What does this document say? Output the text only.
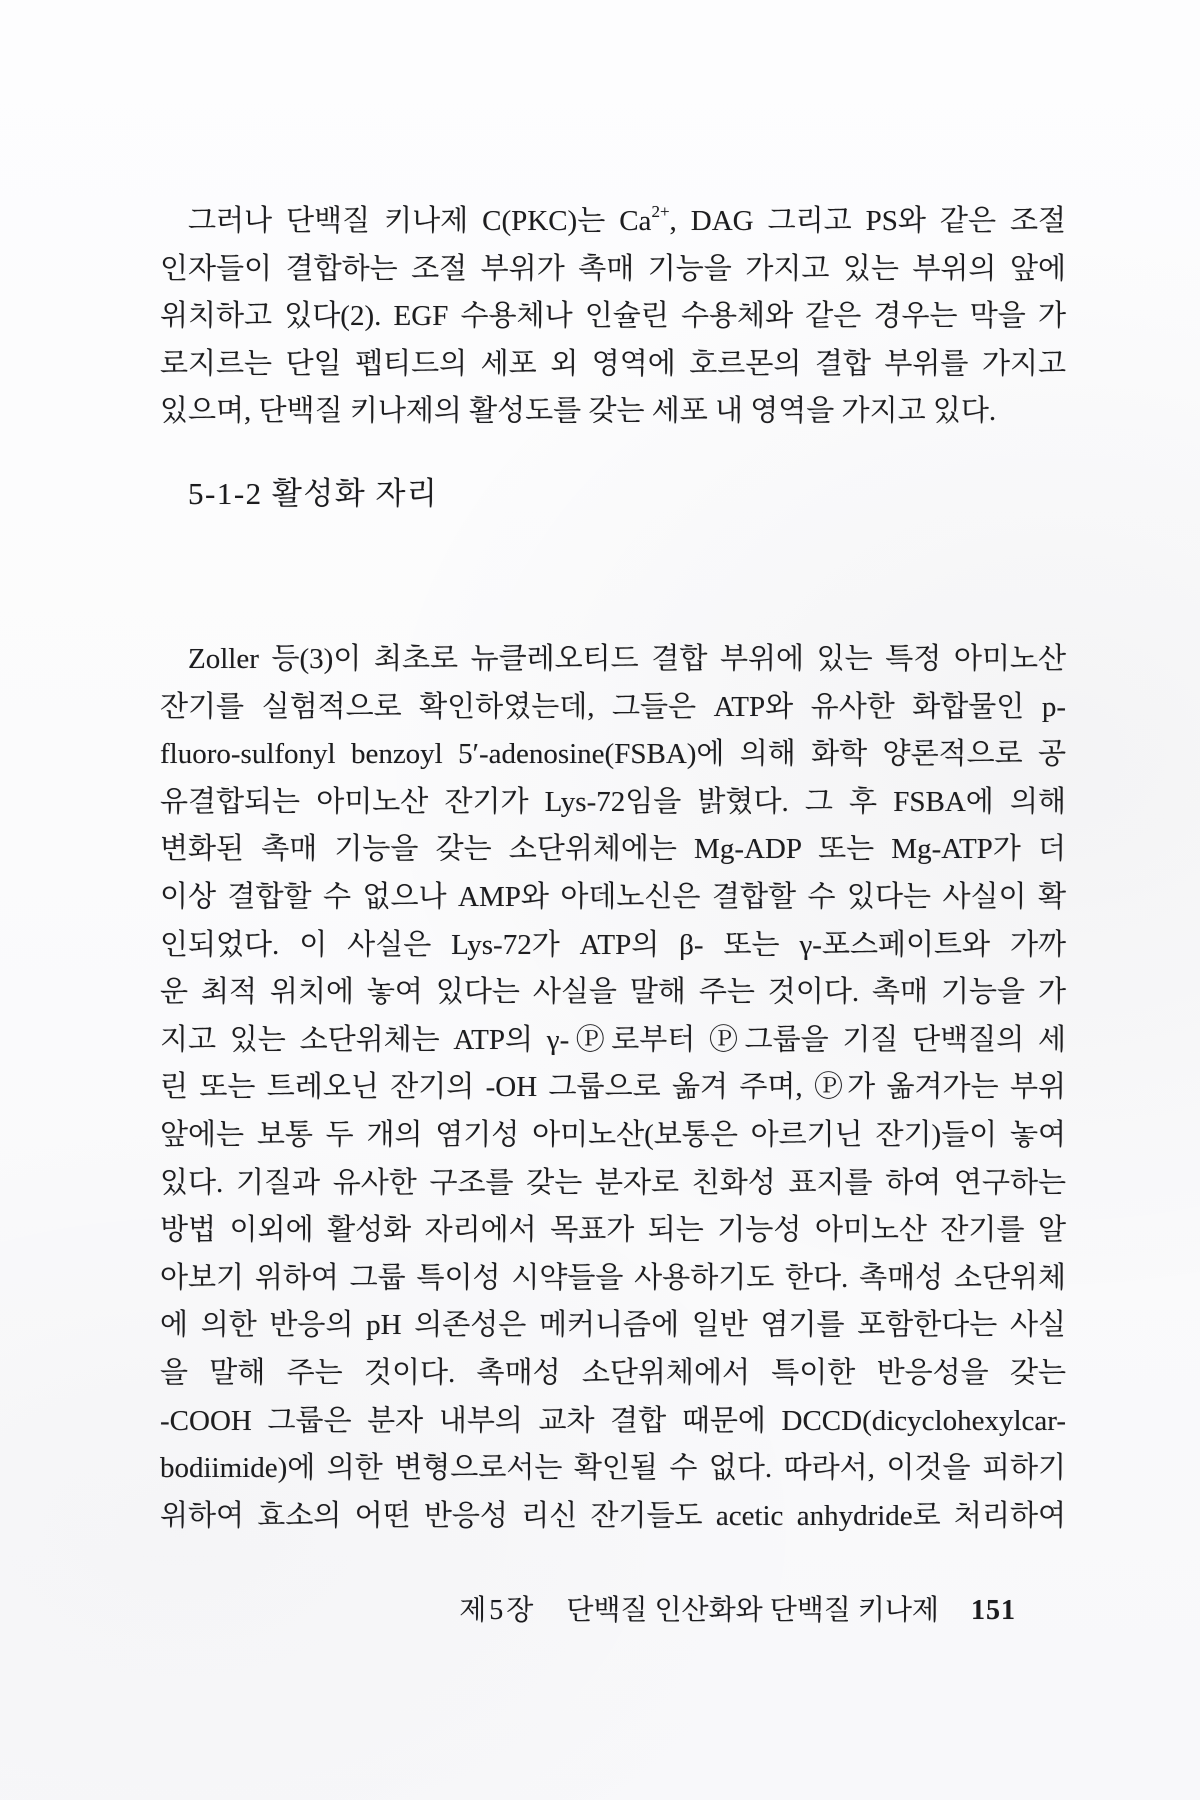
그러나 단백질 키나제 C(PKC)는 $Ca^{2+}$, DAG 그리고 PS와 같은 조절
인자들이 결합하는 조절 부위가 촉매 기능을 가지고 있는 부위의 앞에
위치하고 있다(2). EGF 수용체나 인슐린 수용체와 같은 경우는 막을 가
로지르는 단일 펩티드의 세포 외 영역에 호르몬의 결합 부위를 가지고
있으며, 단백질 키나제의 활성도를 갖는 세포 내 영역을 가지고 있다.
5-1-2 활성화 자리
Zoller 등(3)이 최초로 뉴클레오티드 결합 부위에 있는 특정 아미노산
잔기를 실험적으로 확인하였는데, 그들은 ATP와 유사한 화합물인 p-
fluoro-sulfonyl benzoyl 5′-adenosine(FSBA)에 의해 화학 양론적으로 공
유결합되는 아미노산 잔기가 Lys-72임을 밝혔다. 그 후 FSBA에 의해
변화된 촉매 기능을 갖는 소단위체에는 Mg-ADP 또는 Mg-ATP가 더
이상 결합할 수 없으나 AMP와 아데노신은 결합할 수 있다는 사실이 확
인되었다. 이 사실은 Lys-72가 ATP의 β- 또는 γ-포스페이트와 가까
운 최적 위치에 놓여 있다는 사실을 말해 주는 것이다. 촉매 기능을 가
지고 있는 소단위체는 ATP의 γ-Ⓟ로부터 Ⓟ그룹을 기질 단백질의 세
린 또는 트레오닌 잔기의 -OH 그룹으로 옮겨 주며, Ⓟ가 옮겨가는 부위
앞에는 보통 두 개의 염기성 아미노산(보통은 아르기닌 잔기)들이 놓여
있다. 기질과 유사한 구조를 갖는 분자로 친화성 표지를 하여 연구하는
방법 이외에 활성화 자리에서 목표가 되는 기능성 아미노산 잔기를 알
아보기 위하여 그룹 특이성 시약들을 사용하기도 한다. 촉매성 소단위체
에 의한 반응의 pH 의존성은 메커니즘에 일반 염기를 포함한다는 사실
을 말해 주는 것이다. 촉매성 소단위체에서 특이한 반응성을 갖는
-COOH 그룹은 분자 내부의 교차 결합 때문에 DCCD(dicyclohexylcar-
bodiimide)에 의한 변형으로서는 확인될 수 없다. 따라서, 이것을 피하기
위하여 효소의 어떤 반응성 리신 잔기들도 acetic anhydride로 처리하여
제5장 단백질 인산화와 단백질 키나제 151
